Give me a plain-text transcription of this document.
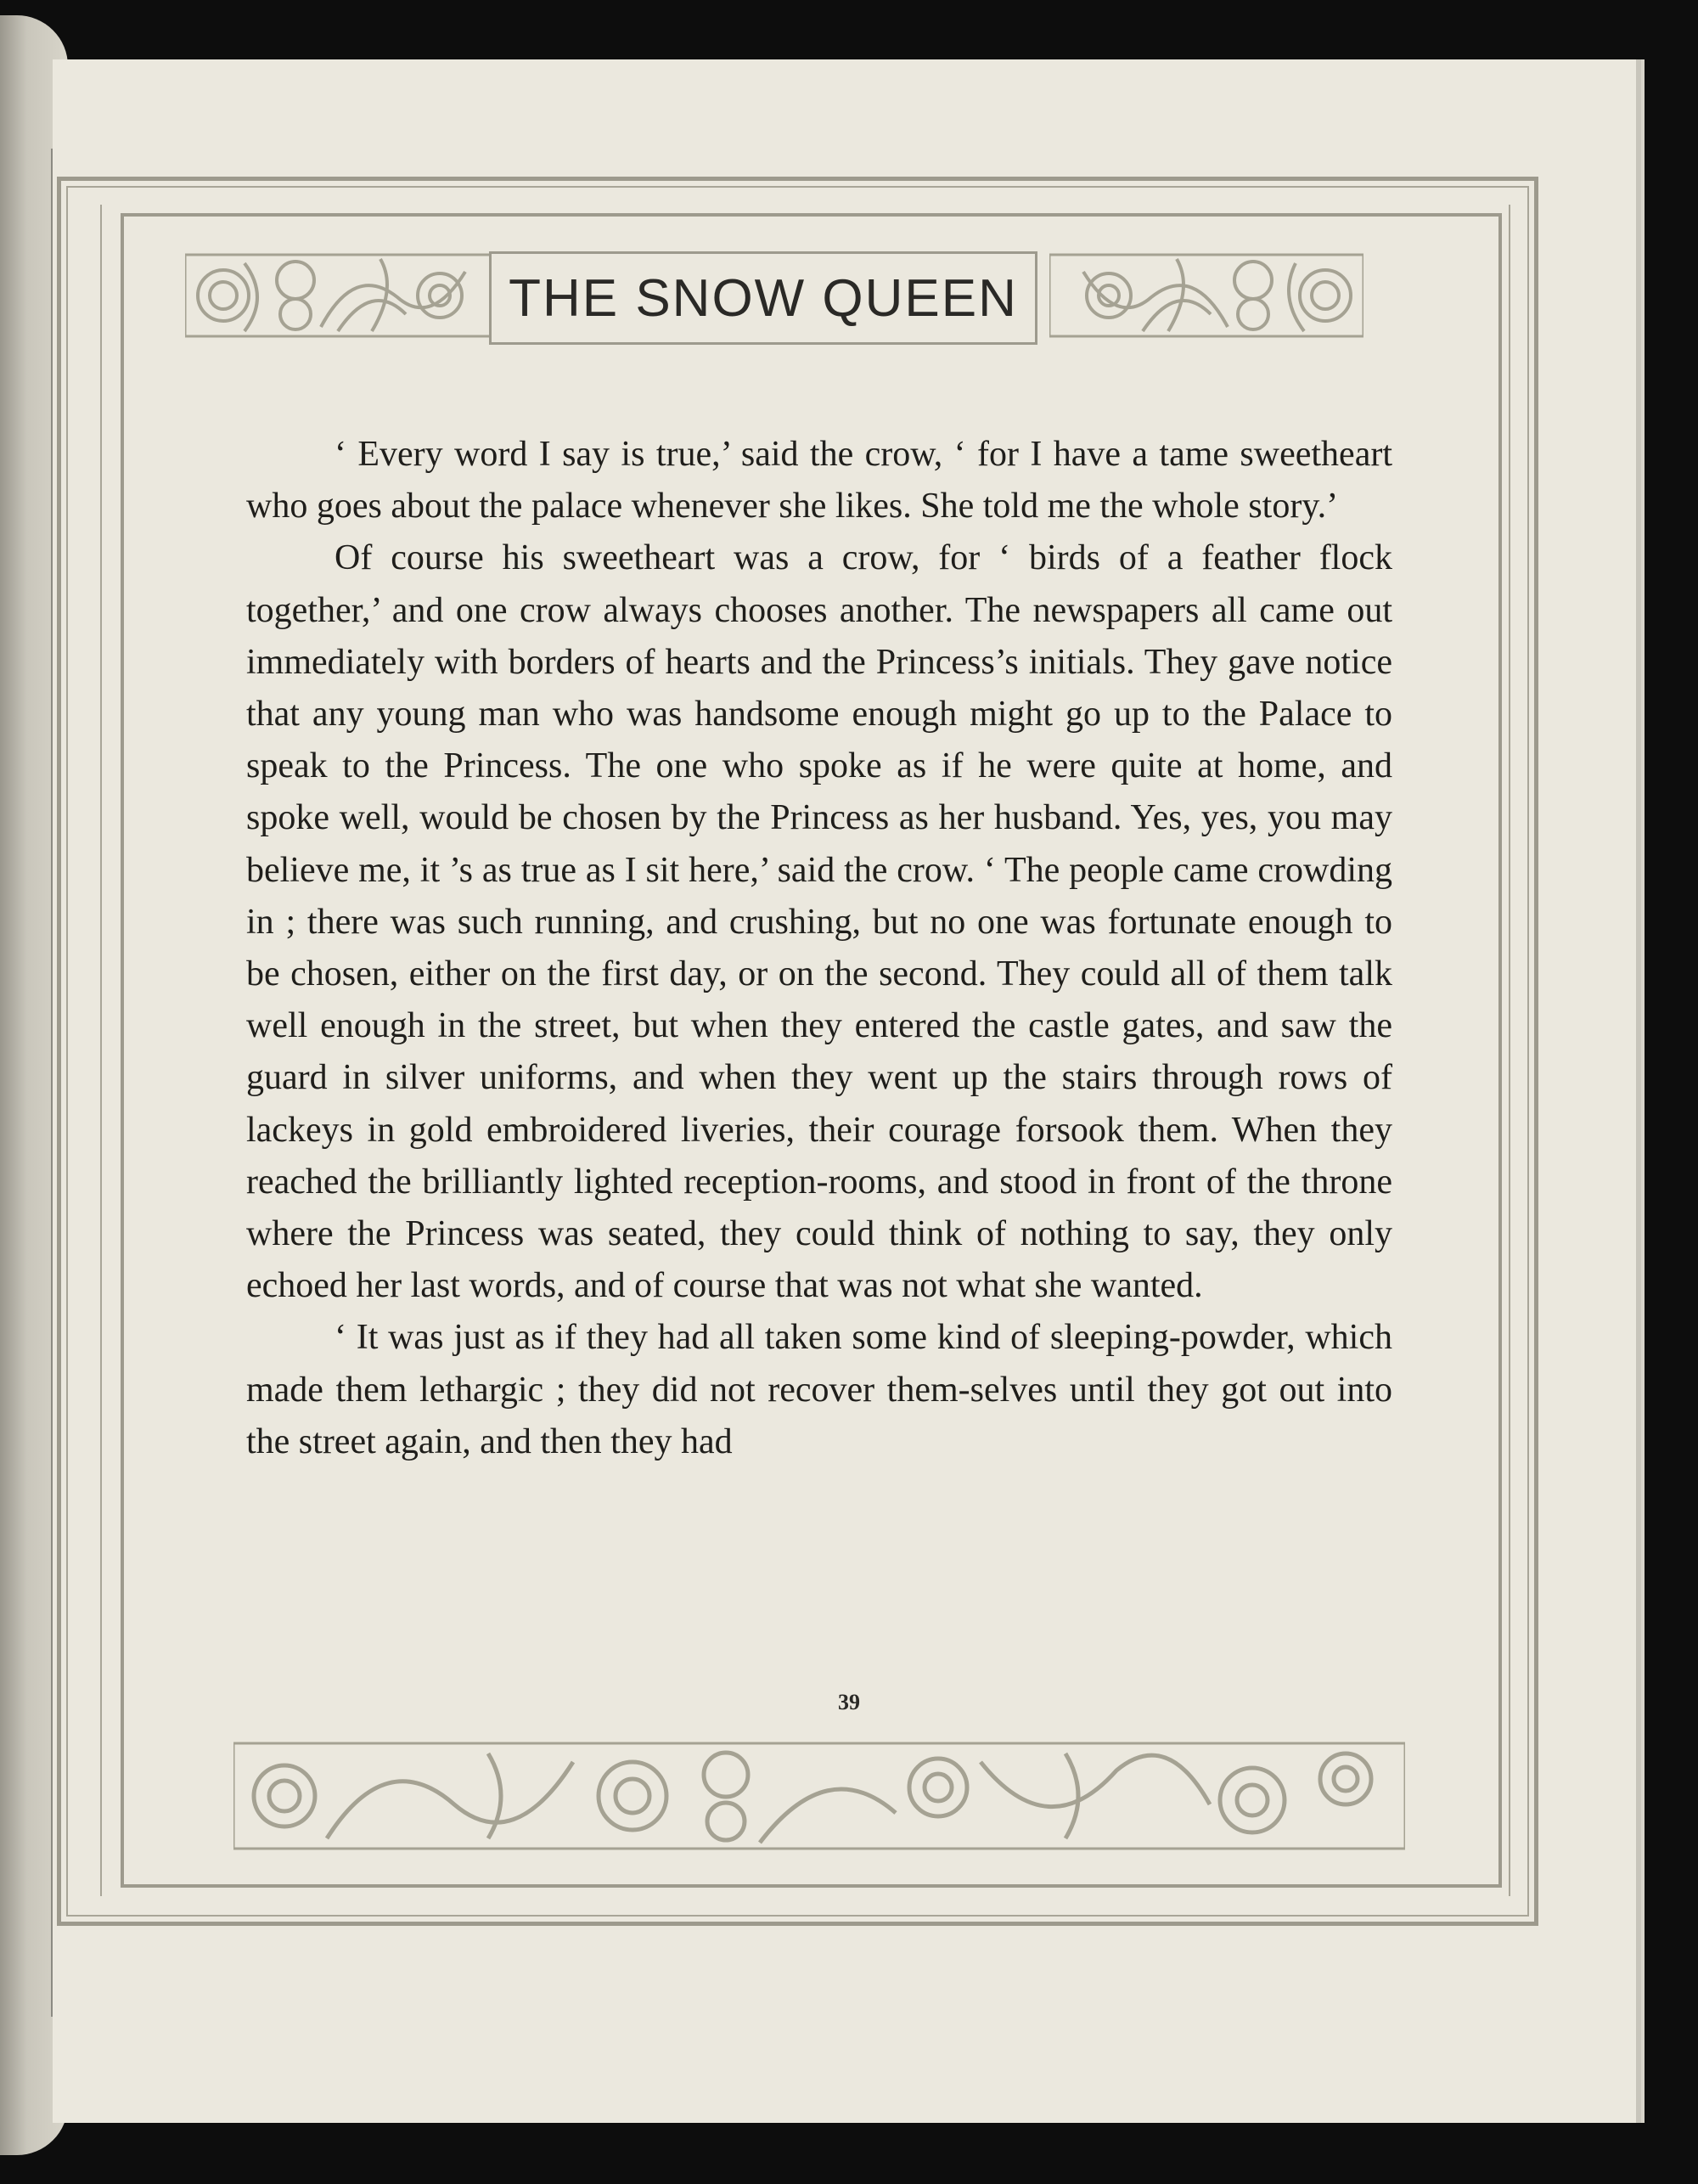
THE SNOW QUEEN

‘ Every word I say is true,’ said the crow, ‘ for I have a tame sweetheart who goes about the palace whenever she likes. She told me the whole story.’

Of course his sweetheart was a crow, for ‘ birds of a feather flock together,’ and one crow always chooses another. The newspapers all came out immediately with borders of hearts and the Princess’s initials. They gave notice that any young man who was handsome enough might go up to the Palace to speak to the Princess. The one who spoke as if he were quite at home, and spoke well, would be chosen by the Princess as her husband. Yes, yes, you may believe me, it ’s as true as I sit here,’ said the crow. ‘ The people came crowding in ; there was such running, and crushing, but no one was fortunate enough to be chosen, either on the first day, or on the second. They could all of them talk well enough in the street, but when they entered the castle gates, and saw the guard in silver uniforms, and when they went up the stairs through rows of lackeys in gold embroidered liveries, their courage forsook them. When they reached the brilliantly lighted reception-rooms, and stood in front of the throne where the Princess was seated, they could think of nothing to say, they only echoed her last words, and of course that was not what she wanted.

‘ It was just as if they had all taken some kind of sleeping-powder, which made them lethargic ; they did not recover them-selves until they got out into the street again, and then they had

39
